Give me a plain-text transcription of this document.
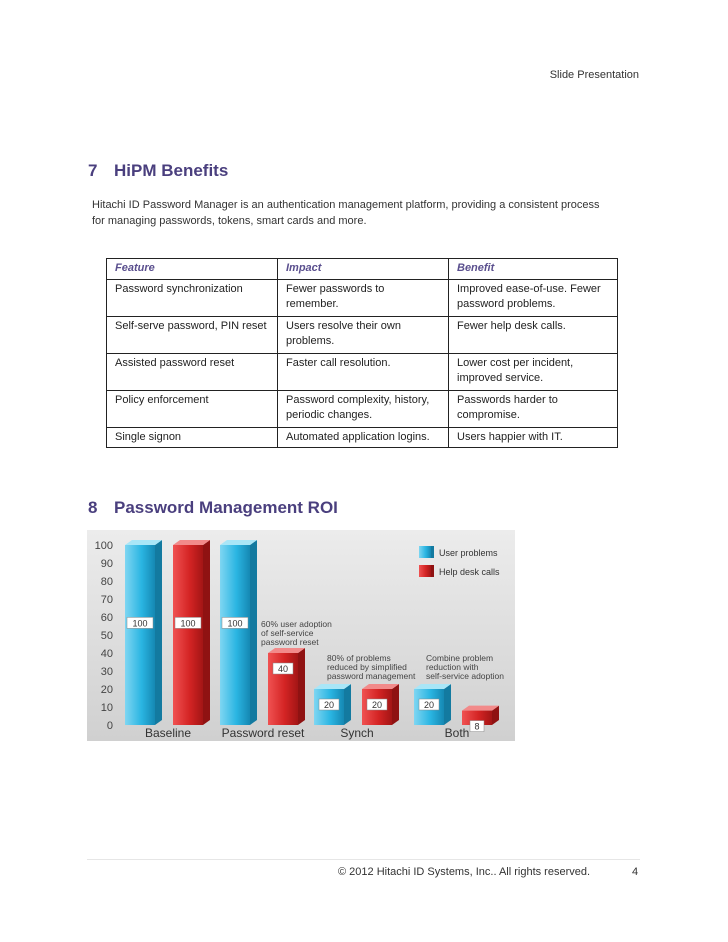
Slide Presentation
7 HiPM Benefits
Hitachi ID Password Manager is an authentication management platform, providing a consistent process for managing passwords, tokens, smart cards and more.
Feature	Impact	Benefit
Password synchronization	Fewer passwords to remember.	Improved ease-of-use. Fewer password problems.
Self-serve password, PIN reset	Users resolve their own problems.	Fewer help desk calls.
Assisted password reset	Faster call resolution.	Lower cost per incident, improved service.
Policy enforcement	Password complexity, history, periodic changes.	Passwords harder to compromise.
Single signon	Automated application logins.	Users happier with IT.
8 Password Management ROI
100
90
80
70
60
50
40
30
20
10
0
100	100
Baseline
100
40
Password reset
20	20
Synch
20
8
Both
User problems
Help desk calls
60% user adoption of self-service password reset
80% of problems reduced by simplified password management
Combine problem reduction with self-service adoption
© 2012 Hitachi ID Systems, Inc.. All rights reserved.	4
